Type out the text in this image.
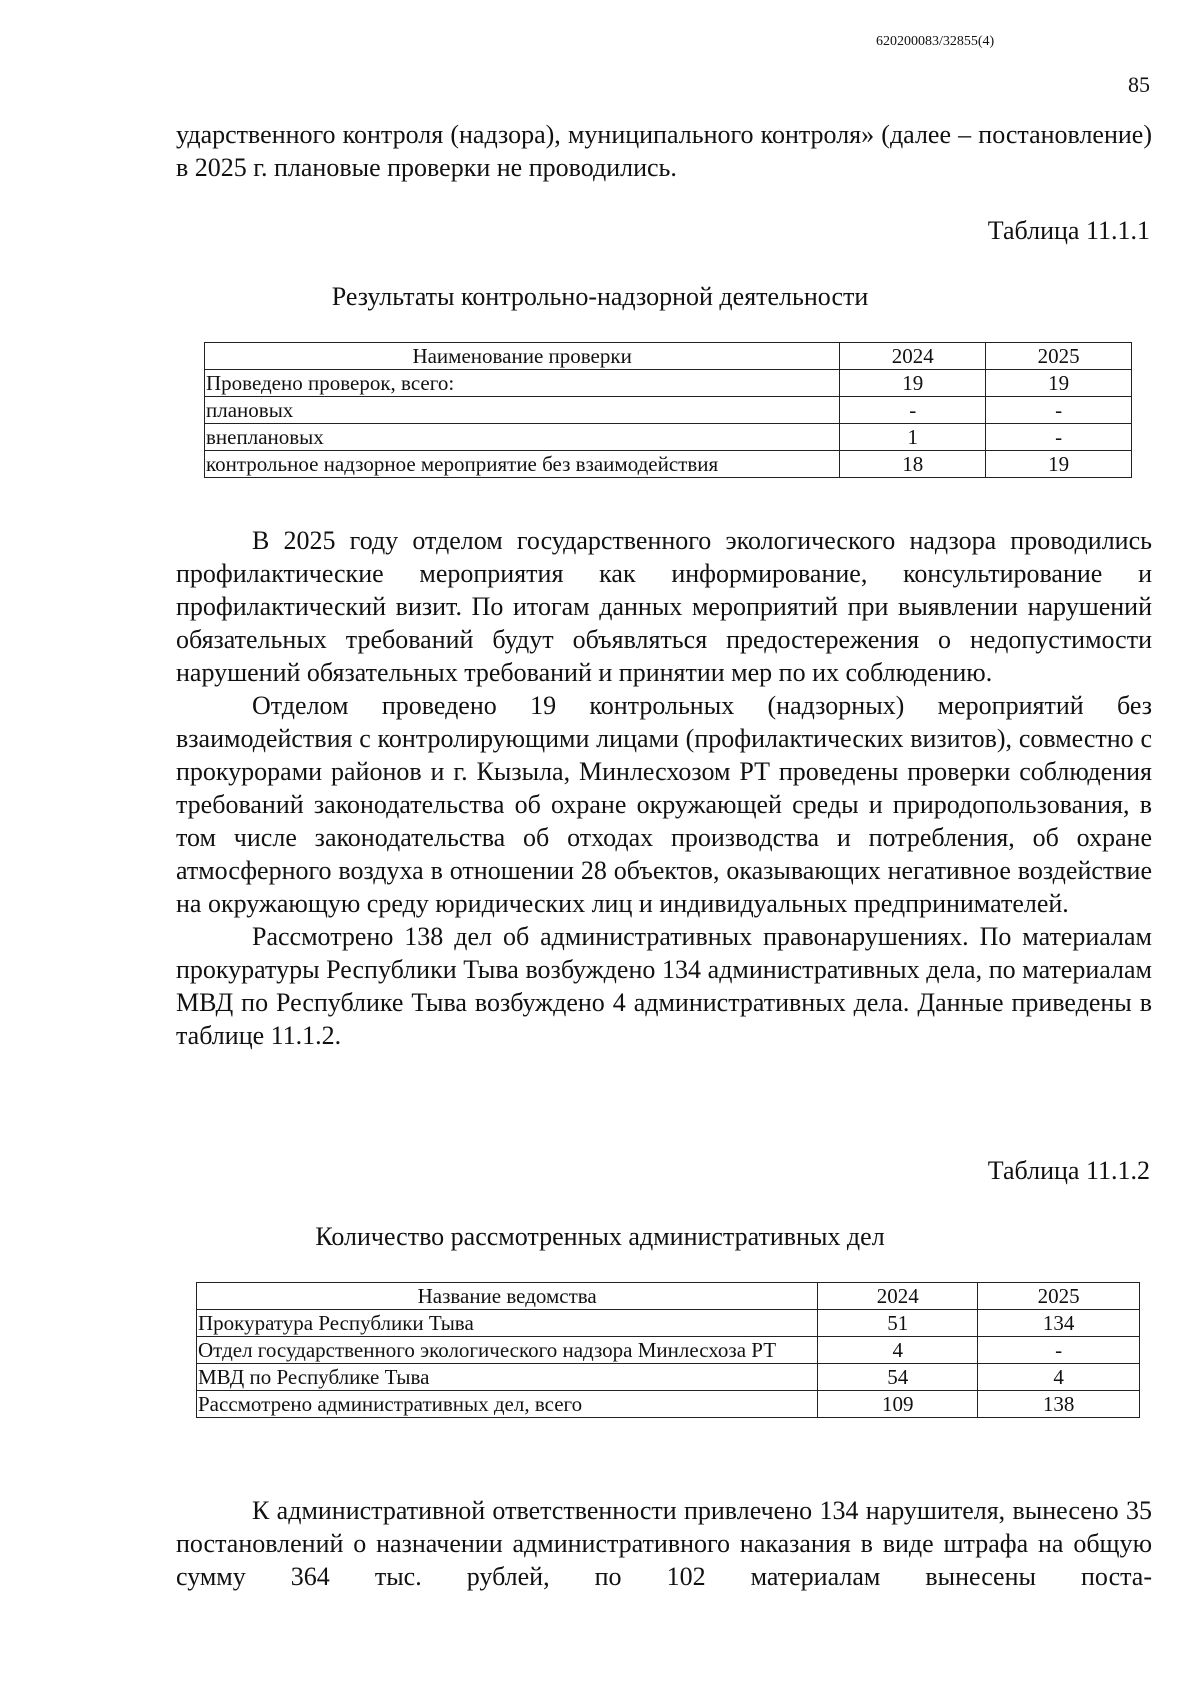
620200083/32855(4)
85

ударственного контроля (надзора), муниципального контроля» (далее – постановление) в 2025 г. плановые проверки не проводились.

Таблица 11.1.1
Результаты контрольно-надзорной деятельности
Наименование проверки	2024	2025
Проведено проверок, всего:	19	19
плановых	-	-
внеплановых	1	-
контрольное надзорное мероприятие без взаимодействия	18	19

В 2025 году отделом государственного экологического надзора проводились профилактические мероприятия как информирование, консультирование и профилактический визит. По итогам данных мероприятий при выявлении нарушений обязательных требований будут объявляться предостережения о недопустимости нарушений обязательных требований и принятии мер по их соблюдению.

Отделом проведено 19 контрольных (надзорных) мероприятий без взаимодействия с контролирующими лицами (профилактических визитов), совместно с прокурорами районов и г. Кызыла, Минлесхозом РТ проведены проверки соблюдения требований законодательства об охране окружающей среды и природопользования, в том числе законодательства об отходах производства и потребления, об охране атмосферного воздуха в отношении 28 объектов, оказывающих негативное воздействие на окружающую среду юридических лиц и индивидуальных предпринимателей.

Рассмотрено 138 дел об административных правонарушениях. По материалам прокуратуры Республики Тыва возбуждено 134 административных дела, по материалам МВД по Республике Тыва возбуждено 4 административных дела. Данные приведены в таблице 11.1.2.

Таблица 11.1.2
Количество рассмотренных административных дел
Название ведомства	2024	2025
Прокуратура Республики Тыва	51	134
Отдел государственного экологического надзора Минлесхоза РТ	4	-
МВД по Республике Тыва	54	4
Рассмотрено административных дел, всего	109	138

К административной ответственности привлечено 134 нарушителя, вынесено 35 постановлений о назначении административного наказания в виде штрафа на общую сумму 364 тыс. рублей, по 102 материалам вынесены поста-
